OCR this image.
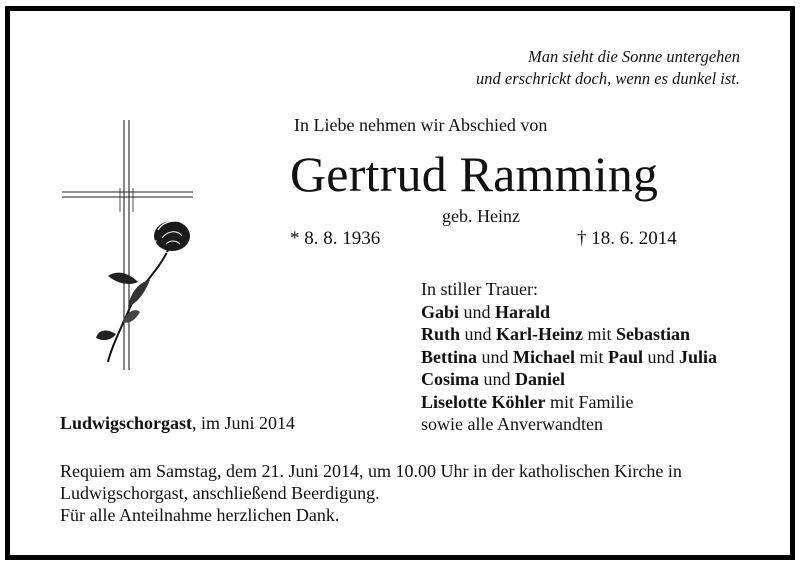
Man sieht die Sonne untergehen
und erschrickt doch, wenn es dunkel ist.
In Liebe nehmen wir Abschied von
Gertrud Ramming
geb. Heinz
* 8. 8. 1936	† 18. 6. 2014
In stiller Trauer:
Gabi und Harald
Ruth und Karl-Heinz mit Sebastian
Bettina und Michael mit Paul und Julia
Cosima und Daniel
Liselotte Köhler mit Familie
sowie alle Anverwandten
Ludwigschorgast, im Juni 2014
Requiem am Samstag, dem 21. Juni 2014, um 10.00 Uhr in der katholischen Kirche in
Ludwigschorgast, anschließend Beerdigung.
Für alle Anteilnahme herzlichen Dank.
